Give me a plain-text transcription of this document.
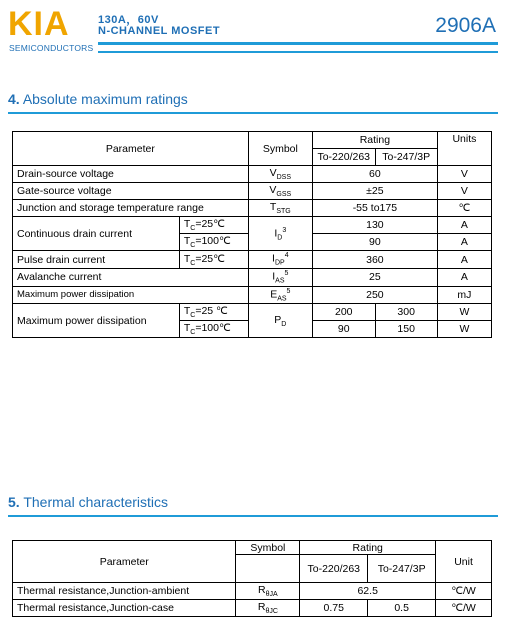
KIA
SEMICONDUCTORS
130A，60V
N-CHANNEL MOSFET	2906A
4. Absolute maximum ratings
Parameter		Symbol	Rating		Units
			To-220/263	To-247/3P	
Drain-source voltage		$V_{DSS}$	60		V
Gate-source voltage		$V_{GSS}$	±25		V
Junction and storage temperature range		$T_{STG}$	-55 to175		℃
Continuous drain current	$T_C=25℃$	$I_D^3$	130		A
	$T_C=100℃$		90		A
Pulse drain current	$T_C=25℃$	$I_{DP}^4$	360		A
Avalanche current		$I_{AS}^5$	25		A
Maximum power dissipation		$E_{AS}^5$	250		mJ
Maximum power dissipation	$T_C=25$ ℃	$P_D$	200	300	W
	$T_C=100℃$		90	150	W
5. Thermal characteristics
Parameter	Symbol	Rating		Unit
		To-220/263	To-247/3P	
Thermal resistance,Junction-ambient	$R_{\theta JA}$	62.5		℃/W
Thermal resistance,Junction-case	$R_{\theta JC}$	0.75	0.5	℃/W
